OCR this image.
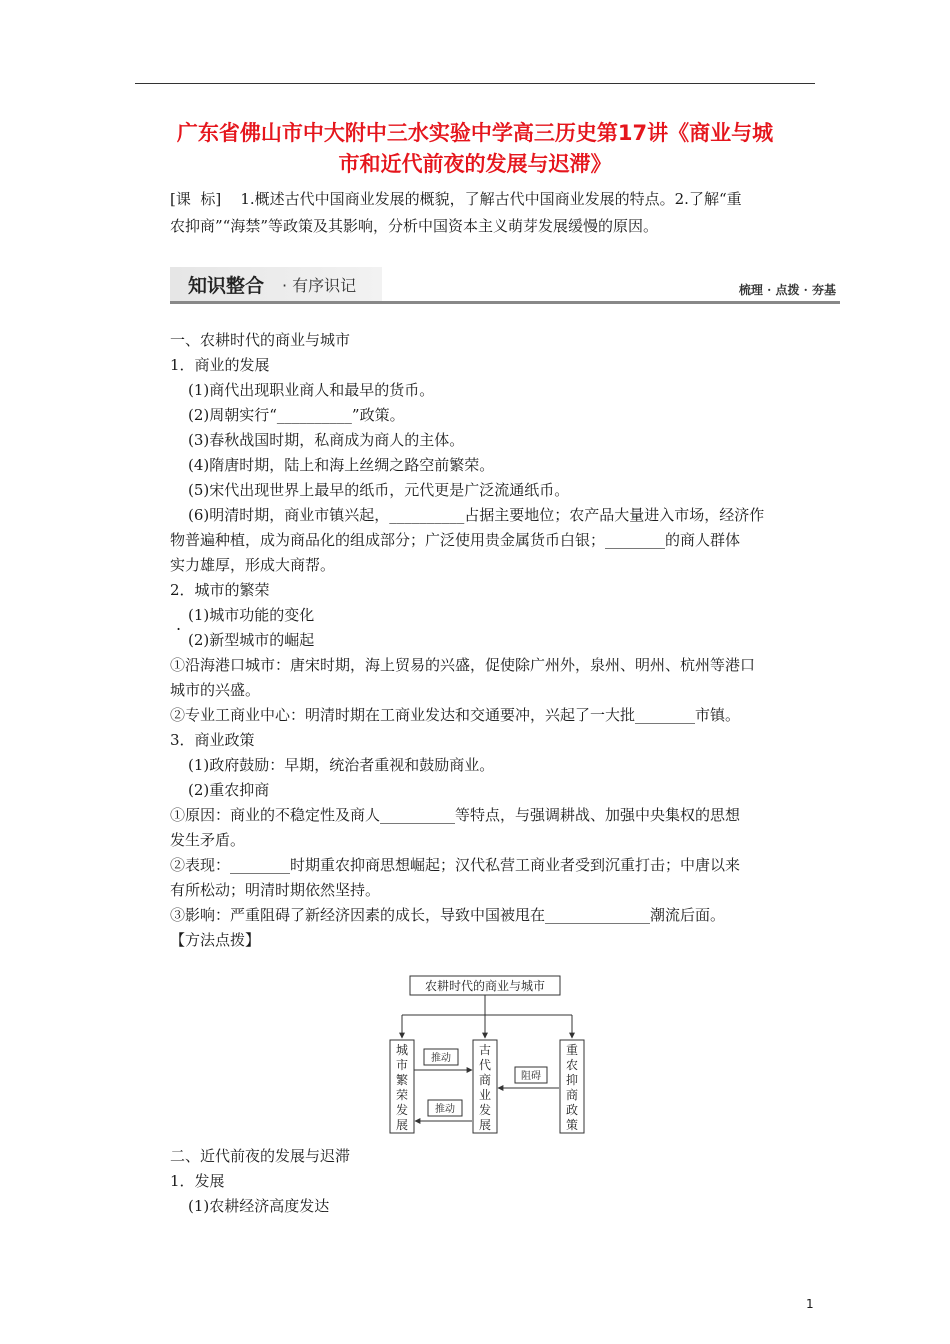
广东省佛山市中大附中三水实验中学高三历史第17讲《商业与城
市和近代前夜的发展与迟滞》
[课  标]    1.概述古代中国商业发展的概貌，了解古代中国商业发展的特点。2.了解“重
农抑商”“海禁”等政策及其影响，分析中国资本主义萌芽发展缓慢的原因。
知识整合 · 有序识记	梳理 · 点拨 · 夯基

一、农耕时代的商业与城市

1．商业的发展

(1)商代出现职业商人和最早的货币。

(2)周朝实行“__________”政策。

(3)春秋战国时期，私商成为商人的主体。

(4)隋唐时期，陆上和海上丝绸之路空前繁荣。

(5)宋代出现世界上最早的纸币，元代更是广泛流通纸币。

(6)明清时期，商业市镇兴起，__________占据主要地位；农产品大量进入市场，经济作

物普遍种植，成为商品化的组成部分；广泛使用贵金属货币白银；________的商人群体

实力雄厚，形成大商帮。

2．城市的繁荣

(1)城市功能的变化

(2)新型城市的崛起

①沿海港口城市：唐宋时期，海上贸易的兴盛，促使除广州外，泉州、明州、杭州等港口

城市的兴盛。

②专业工商业中心：明清时期在工商业发达和交通要冲，兴起了一大批________市镇。

3．商业政策

(1)政府鼓励：早期，统治者重视和鼓励商业。

(2)重农抑商

①原因：商业的不稳定性及商人__________等特点，与强调耕战、加强中央集权的思想

发生矛盾。

②表现：________时期重农抑商思想崛起；汉代私营工商业者受到沉重打击；中唐以来

有所松动；明清时期依然坚持。

③影响：严重阻碍了新经济因素的成长，导致中国被甩在______________潮流后面。

【方法点拨】

.
农耕时代的商业与城市
城
市
繁
荣
发
展
古
代
商
业
发
展
重
农
抑
商
政
策
推动
阻碍
推动

二、近代前夜的发展与迟滞

1．发展

(1)农耕经济高度发达

1
